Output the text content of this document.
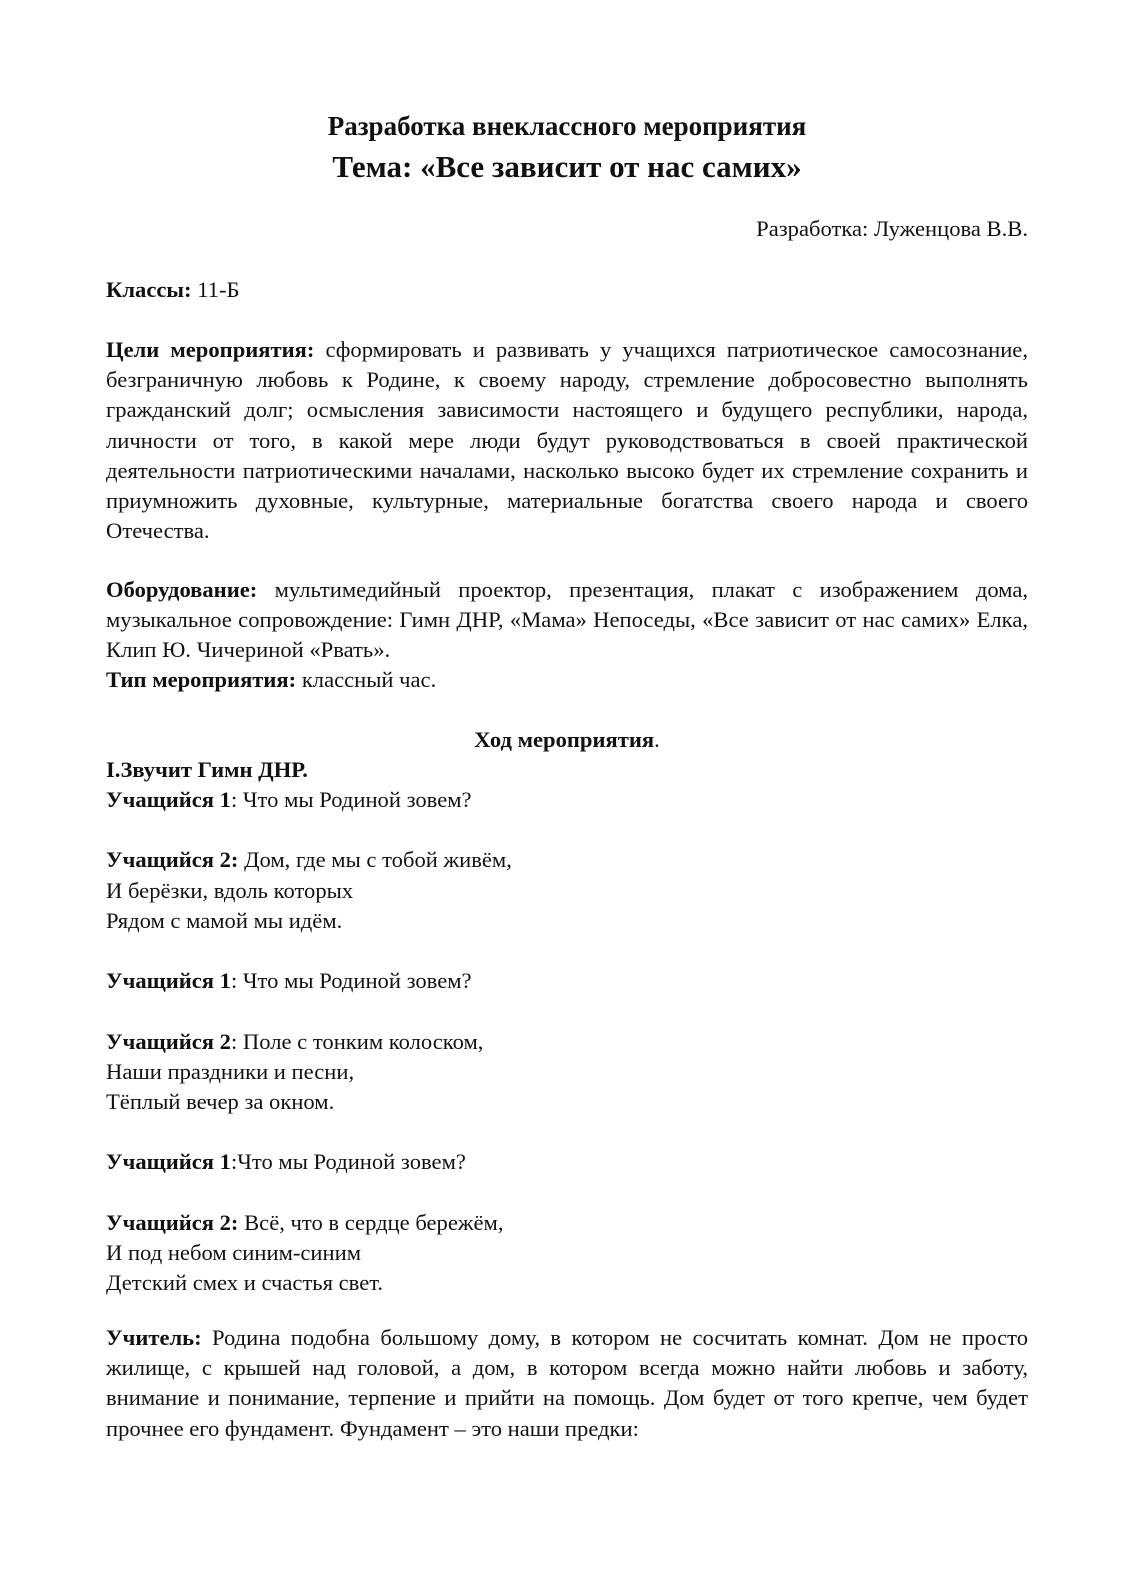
Разработка внеклассного мероприятия
Тема: «Все зависит от нас самих»
Разработка: Луженцова В.В.
Классы: 11-Б
Цели мероприятия: сформировать и развивать у учащихся патриотическое самосознание, безграничную любовь к Родине, к своему народу, стремление добросовестно выполнять гражданский долг; осмысления зависимости настоящего и будущего республики, народа, личности от того, в какой мере люди будут руководствоваться в своей практической деятельности патриотическими началами, насколько высоко будет их стремление сохранить и приумножить духовные, культурные, материальные богатства своего народа и своего Отечества.
Оборудование: мультимедийный проектор, презентация, плакат с изображением дома, музыкальное сопровождение: Гимн ДНР, «Мама» Непоседы, «Все зависит от нас самих» Елка, Клип Ю. Чичериной «Рвать».
Тип мероприятия: классный час.
Ход мероприятия.
I.Звучит Гимн ДНР.
Учащийся 1: Что мы Родиной зовем?
Учащийся 2: Дом, где мы с тобой живём,
И берёзки, вдоль которых
Рядом с мамой мы идём.
Учащийся 1: Что мы Родиной зовем?
Учащийся 2: Поле с тонким колоском,
Наши праздники и песни,
Тёплый вечер за окном.
Учащийся 1:Что мы Родиной зовем?
Учащийся 2: Всё, что в сердце бережём,
И под небом синим-синим
Детский смех и счастья свет.
Учитель: Родина подобна большому дому, в котором не сосчитать комнат. Дом не просто жилище, с крышей над головой, а дом, в котором всегда можно найти любовь и заботу, внимание и понимание, терпение и прийти на помощь. Дом будет от того крепче, чем будет прочнее его фундамент. Фундамент – это наши предки:
